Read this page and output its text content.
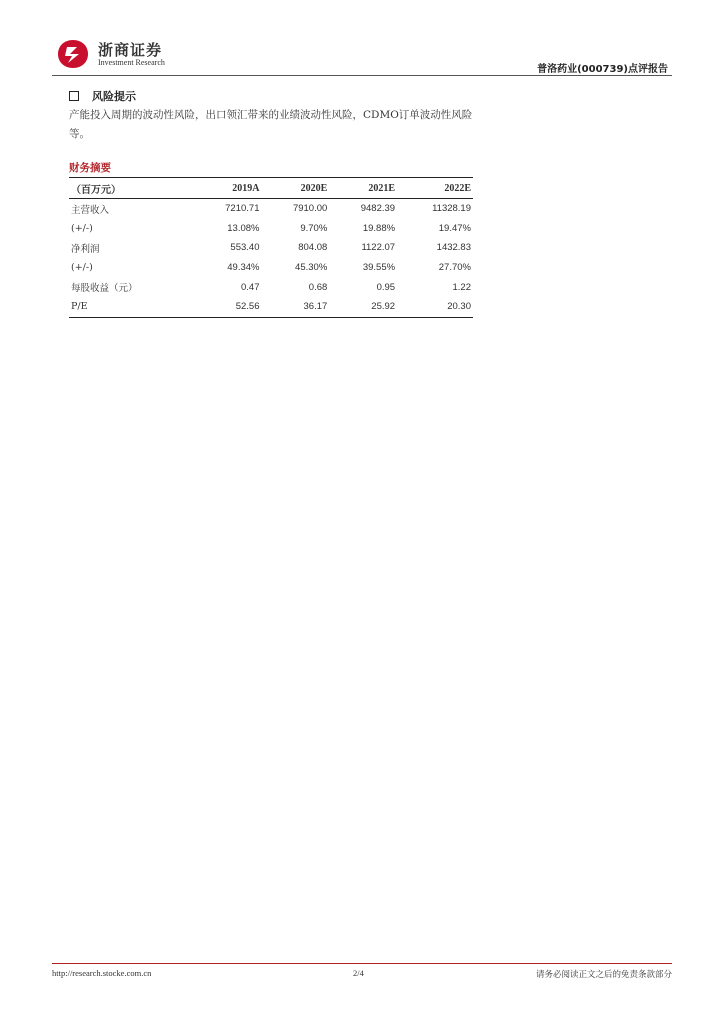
浙商证券
Investment Research
普洛药业(000739)点评报告
风险提示
产能投入周期的波动性风险，出口领汇带来的业绩波动性风险，CDMO订单波动性风险等。
财务摘要
（百万元）	2019A	2020E	2021E	2022E
主营收入	7210.71	7910.00	9482.39	11328.19
(+/-)	13.08%	9.70%	19.88%	19.47%
净利润	553.40	804.08	1122.07	1432.83
(+/-)	49.34%	45.30%	39.55%	27.70%
每股收益（元）	0.47	0.68	0.95	1.22
P/E	52.56	36.17	25.92	20.30
http://research.stocke.com.cn	2/4	请务必阅读正文之后的免责条款部分
